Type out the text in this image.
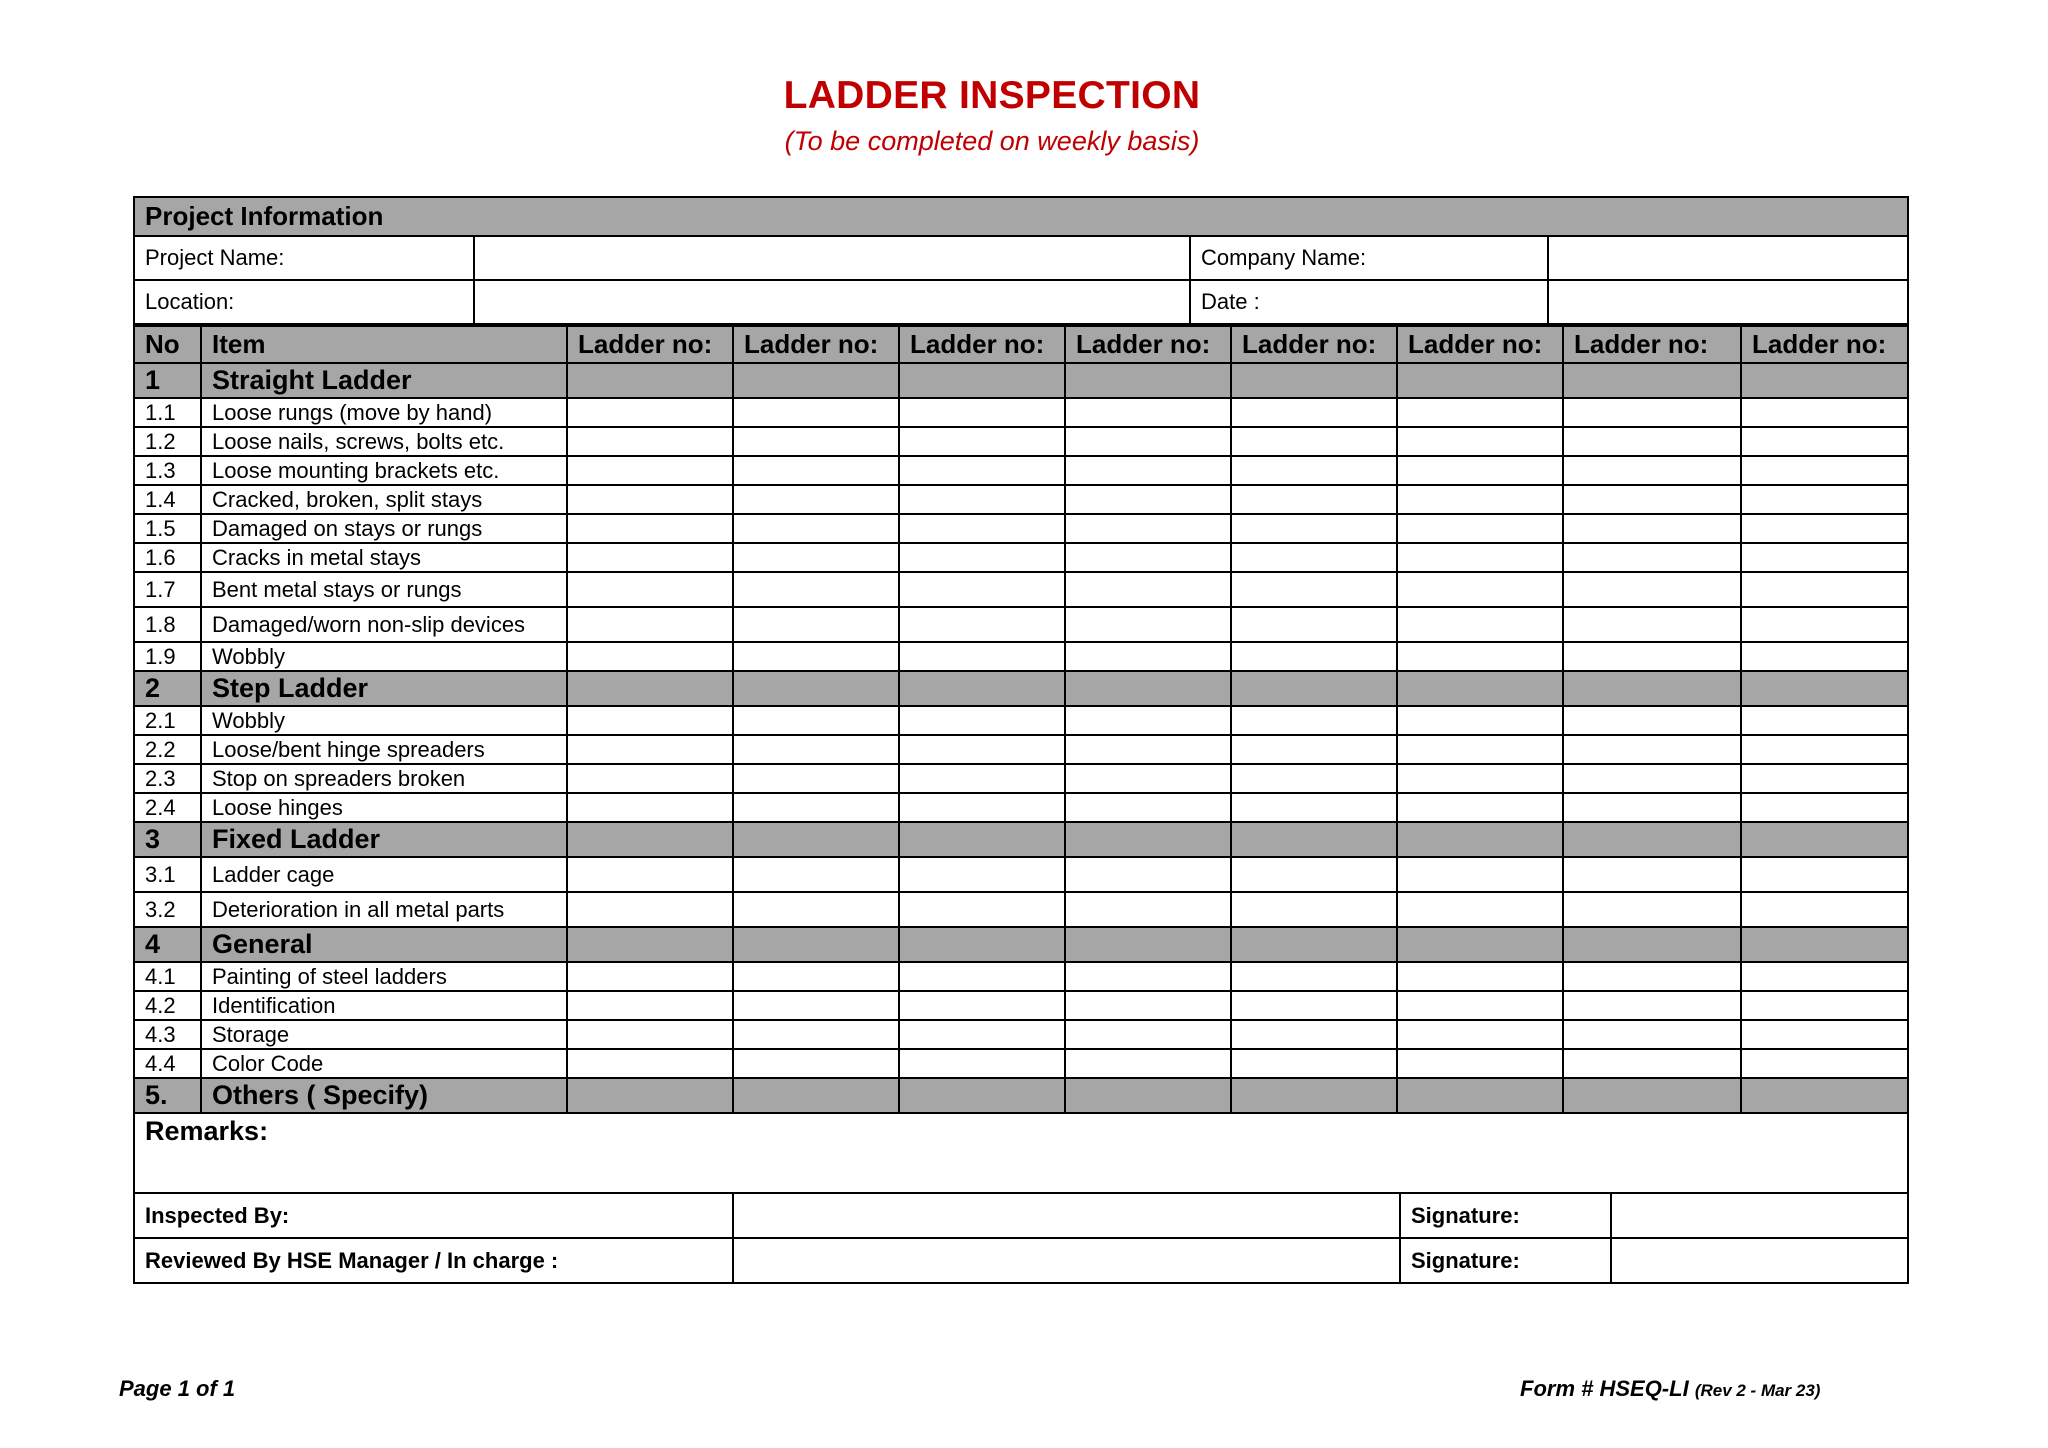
LADDER INSPECTION
(To be completed on weekly basis)
Project Information			
Project Name:		Company Name:	
Location:		Date :	
No	Item	Ladder no:	Ladder no:	Ladder no:	Ladder no:	Ladder no:	Ladder no:	Ladder no:	Ladder no:
1	Straight Ladder								
1.1	Loose rungs (move by hand)								
1.2	Loose nails, screws, bolts etc.								
1.3	Loose mounting brackets etc.								
1.4	Cracked, broken, split stays								
1.5	Damaged on stays or rungs								
1.6	Cracks in metal stays								
1.7	Bent metal stays or rungs								
1.8	Damaged/worn non-slip devices								
1.9	Wobbly								
2	Step Ladder								
2.1	Wobbly								
2.2	Loose/bent hinge spreaders								
2.3	Stop on spreaders broken								
2.4	Loose hinges								
3	Fixed Ladder								
3.1	Ladder cage								
3.2	Deterioration in all metal parts								
4	General								
4.1	Painting of steel ladders								
4.2	Identification								
4.3	Storage								
4.4	Color Code								
5.	Others ( Specify)								
Remarks:			
Inspected By:		Signature:	
Reviewed By HSE Manager / In charge :		Signature:	
Page 1 of 1	Form # HSEQ-LI (Rev 2 - Mar 23)
